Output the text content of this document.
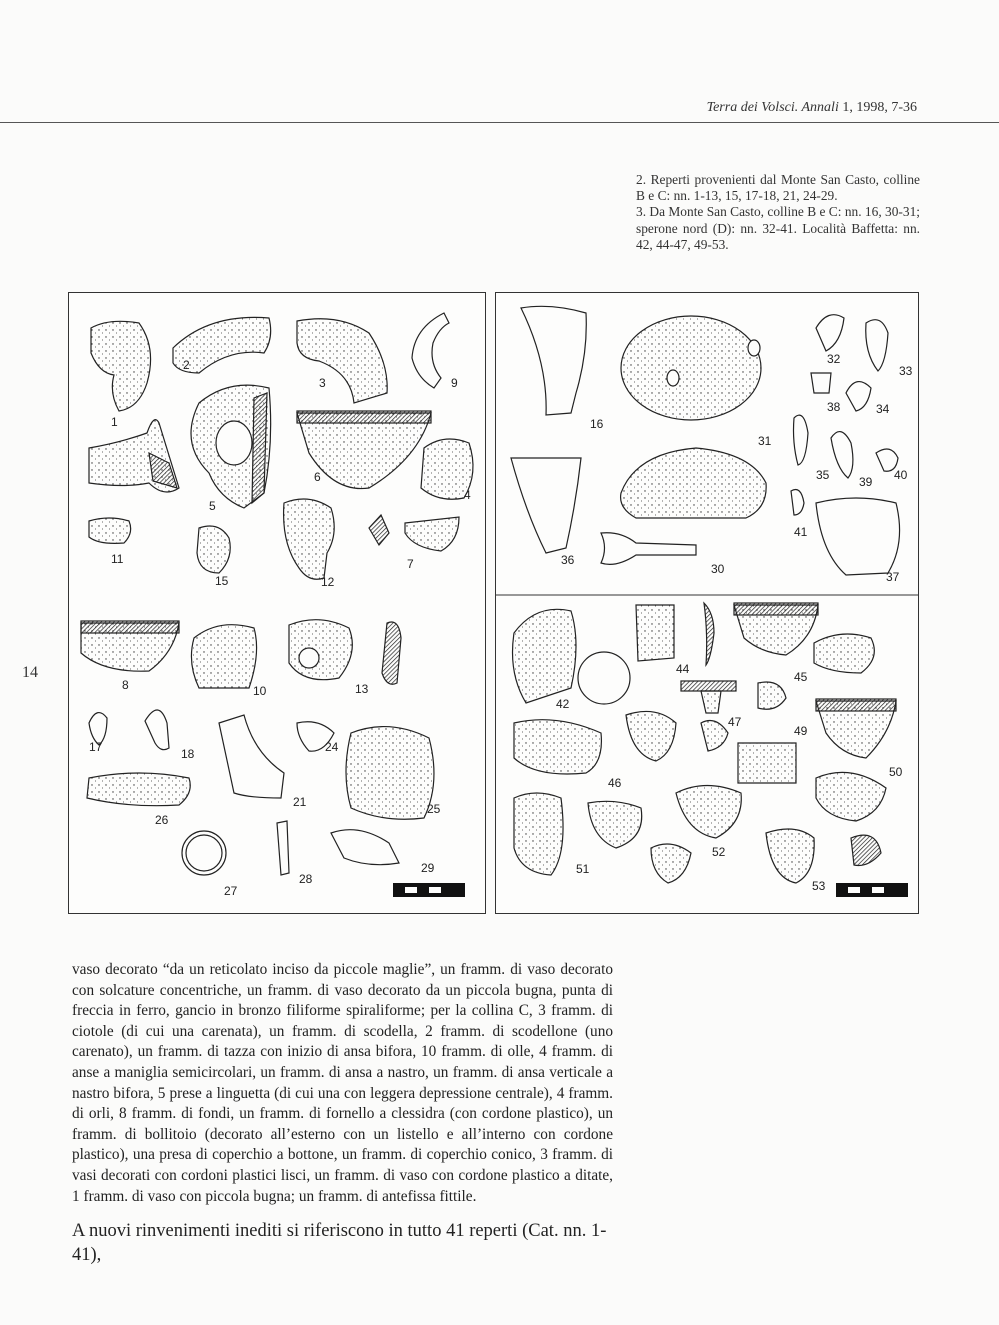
Terra dei Volsci. Annali 1, 1998, 7-36

2. Reperti provenienti dal Monte San Casto, colline B e C: nn. 1-13, 15, 17-18, 21, 24-29.

3. Da Monte San Casto, colline B e C: nn. 16, 30-31; sperone nord (D): nn. 32-41. Località Baffetta: nn. 42, 44-47, 49-53.

14
1
2
3	9
5
6
4
11
15	12
7
8	10	13
17	18	24
21	25
26
27
28
29
16
31
32
33
38	34
35 39 40
41
36
30
37
42
44
45
47
49
46
50
51
52
53

vaso decorato “da un reticolato inciso da piccole maglie”, un framm. di vaso decorato con solcature concentriche, un framm. di vaso decorato da un piccola bugna, punta di freccia in ferro, gancio in bronzo filiforme spiraliforme; per la collina C, 3 framm. di ciotole (di cui una carenata), un framm. di scodella, 2 framm. di scodellone (uno carenato), un framm. di tazza con inizio di ansa bifora, 10 framm. di olle, 4 framm. di anse a maniglia semicircolari, un framm. di ansa a nastro, un framm. di ansa verticale a nastro bifora, 5 prese a linguetta (di cui una con leggera depressione centrale), 4 framm. di orli, 8 framm. di fondi, un framm. di fornello a clessidra (con cordone plastico), un framm. di bollitoio (decorato all’esterno con un listello e all’interno con cordone plastico), una presa di coperchio a bottone, un framm. di coperchio conico, 3 framm. di vasi decorati con cordoni plastici lisci, un framm. di vaso con cordone plastico a ditate, 1 framm. di vaso con piccola bugna; un framm. di antefissa fittile.

A nuovi rinvenimenti inediti si riferiscono in tutto 41 reperti (Cat. nn. 1-41),
